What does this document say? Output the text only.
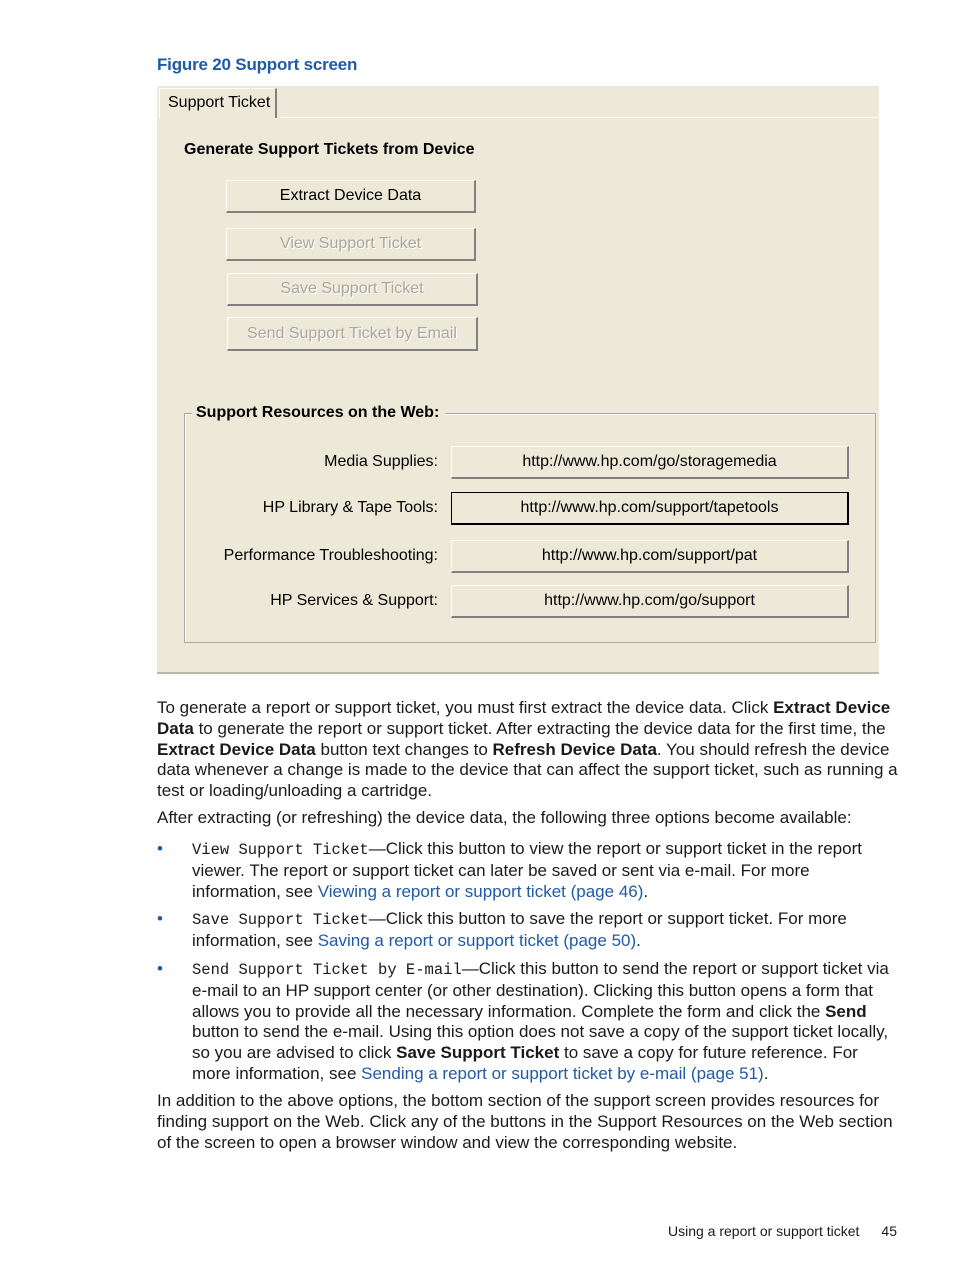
Figure 20 Support screen
Support Ticket
Generate Support Tickets from Device
Extract Device Data
View Support Ticket
Save Support Ticket
Send Support Ticket by Email
Support Resources on the Web:
Media Supplies:	http://www.hp.com/go/storagemedia
HP Library & Tape Tools:	http://www.hp.com/support/tapetools
Performance Troubleshooting:	http://www.hp.com/support/pat
HP Services & Support:	http://www.hp.com/go/support

To generate a report or support ticket, you must first extract the device data. Click Extract Device Data to generate the report or support ticket. After extracting the device data for the first time, the Extract Device Data button text changes to Refresh Device Data. You should refresh the device data whenever a change is made to the device that can affect the support ticket, such as running a test or loading/unloading a cartridge.

After extracting (or refreshing) the device data, the following three options become available:
• View Support Ticket—Click this button to view the report or support ticket in the report viewer. The report or support ticket can later be saved or sent via e-mail. For more information, see Viewing a report or support ticket (page 46).
• Save Support Ticket—Click this button to save the report or support ticket. For more information, see Saving a report or support ticket (page 50).
• Send Support Ticket by E-mail—Click this button to send the report or support ticket via e-mail to an HP support center (or other destination). Clicking this button opens a form that allows you to provide all the necessary information. Complete the form and click the Send button to send the e-mail. Using this option does not save a copy of the support ticket locally, so you are advised to click Save Support Ticket to save a copy for future reference. For more information, see Sending a report or support ticket by e-mail (page 51).
In addition to the above options, the bottom section of the support screen provides resources for finding support on the Web. Click any of the buttons in the Support Resources on the Web section of the screen to open a browser window and view the corresponding website.
Using a report or support ticket 45
